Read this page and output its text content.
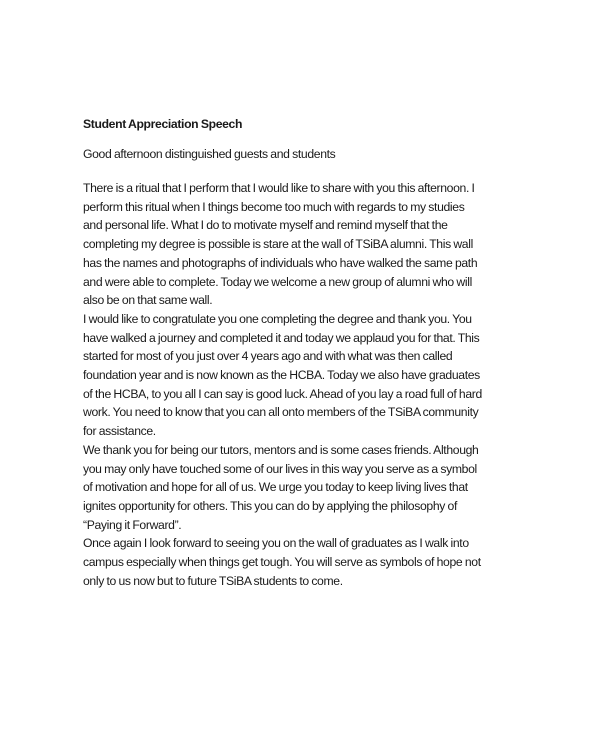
Student Appreciation Speech

Good afternoon distinguished guests and students

There is a ritual that I perform that I would like to share with you this afternoon. I perform this ritual when I things become too much with regards to my studies and personal life. What I do to motivate myself and remind myself that the completing my degree is possible is stare at the wall of TSiBA alumni. This wall has the names and photographs of individuals who have walked the same path and were able to complete. Today we welcome a new group of alumni who will also be on that same wall.

I would like to congratulate you one completing the degree and thank you. You have walked a journey and completed it and today we applaud you for that. This started for most of you just over 4 years ago and with what was then called foundation year and is now known as the HCBA. Today we also have graduates of the HCBA, to you all I can say is good luck. Ahead of you lay a road full of hard work. You need to know that you can all onto members of the TSiBA community for assistance.

We thank you for being our tutors, mentors and is some cases friends. Although you may only have touched some of our lives in this way you serve as a symbol of motivation and hope for all of us. We urge you today to keep living lives that ignites opportunity for others. This you can do by applying the philosophy of “Paying it Forward”.

Once again I look forward to seeing you on the wall of graduates as I walk into campus especially when things get tough. You will serve as symbols of hope not only to us now but to future TSiBA students to come.
